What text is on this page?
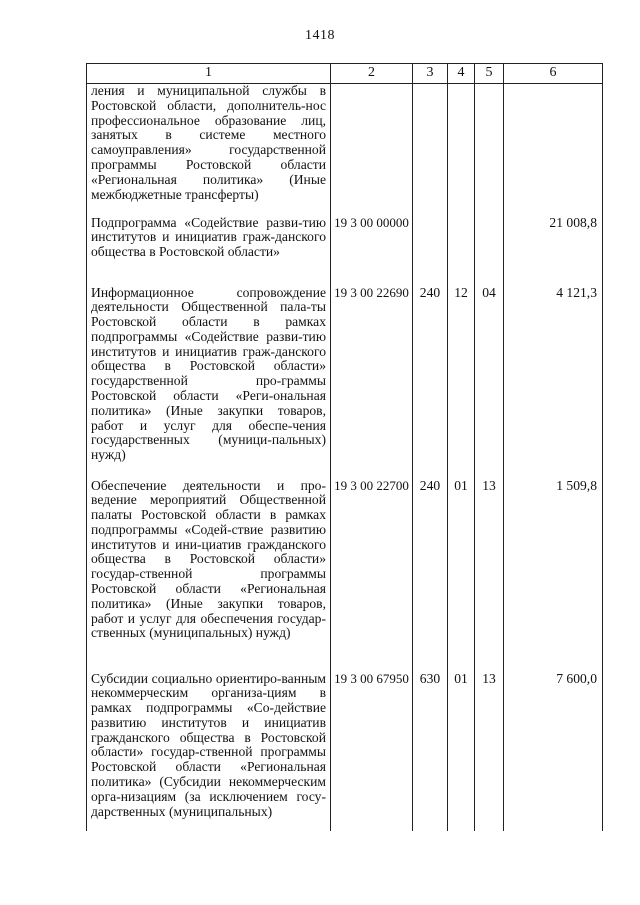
1418
1	2	3	4	5	6
ления и муниципальной службы в Ростовской области, дополнитель-нос профессиональное образование лиц, занятых в системе местного самоуправления» государственной программы Ростовской области «Региональная политика» (Иные межбюджетные трансферты)					
Подпрограмма «Содействие разви-тию институтов и инициатив граж-данского общества в Ростовской области»	19 3 00 00000				21 008,8
Информационное сопровождение деятельности Общественной пала-ты Ростовской области в рамках подпрограммы «Содействие разви-тию институтов и инициатив граж-данского общества в Ростовской области» государственной про-граммы Ростовской области «Реги-ональная политика» (Иные закупки товаров, работ и услуг для обеспе-чения государственных (муници-пальных) нужд)	19 3 00 22690	240	12	04	4 121,3
Обеспечение деятельности и про-ведение мероприятий Общественной палаты Ростовской области в рамках подпрограммы «Содей-ствие развитию институтов и ини-циатив гражданского общества в Ростовской области» государ-ственной программы Ростовской области «Региональная политика» (Иные закупки товаров, работ и услуг для обеспечения государ-ственных (муниципальных) нужд)	19 3 00 22700	240	01	13	1 509,8
Субсидии социально ориентиро-ванным некоммерческим организа-циям в рамках подпрограммы «Со-действие развитию институтов и инициатив гражданского общества в Ростовской области» государ-ственной программы Ростовской области «Региональная политика» (Субсидии некоммерческим орга-низациям (за исключением госу-дарственных (муниципальных)	19 3 00 67950	630	01	13	7 600,0
